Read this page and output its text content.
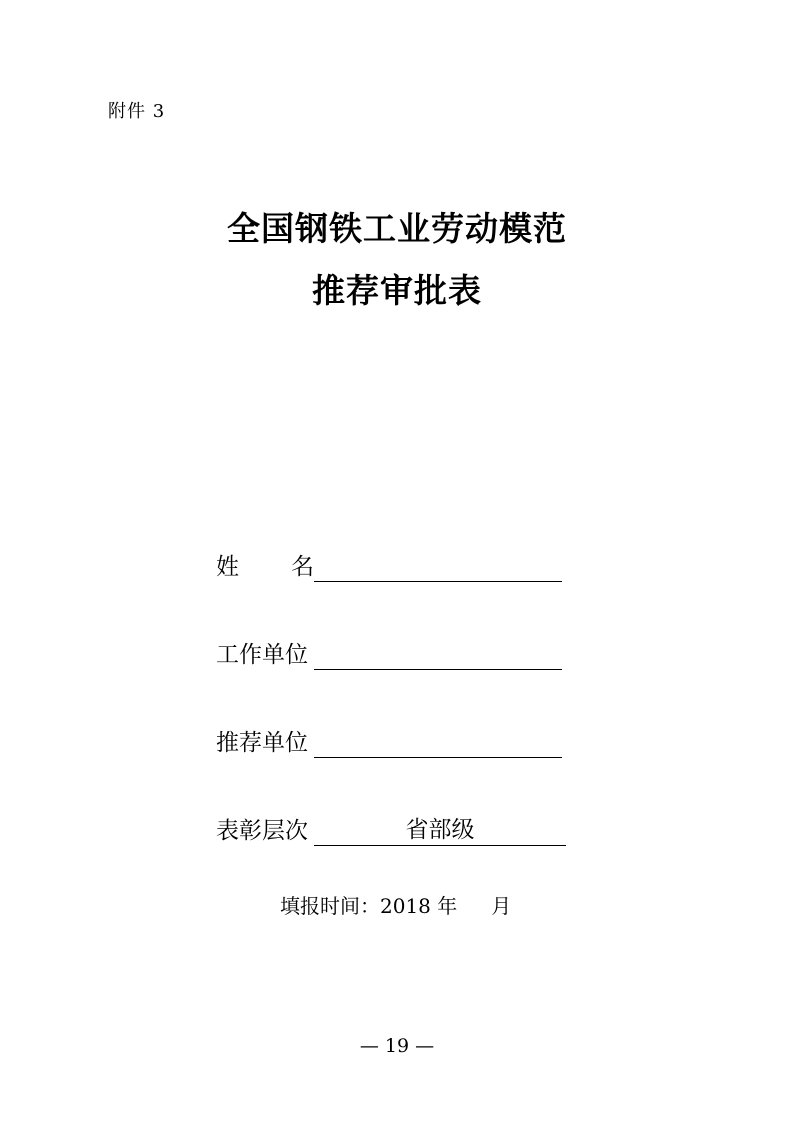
附件 3
全国钢铁工业劳动模范
推荐审批表
姓 名
工作单位
推荐单位
表彰层次	省部级
填报时间：2018 年 月
— 19 —
